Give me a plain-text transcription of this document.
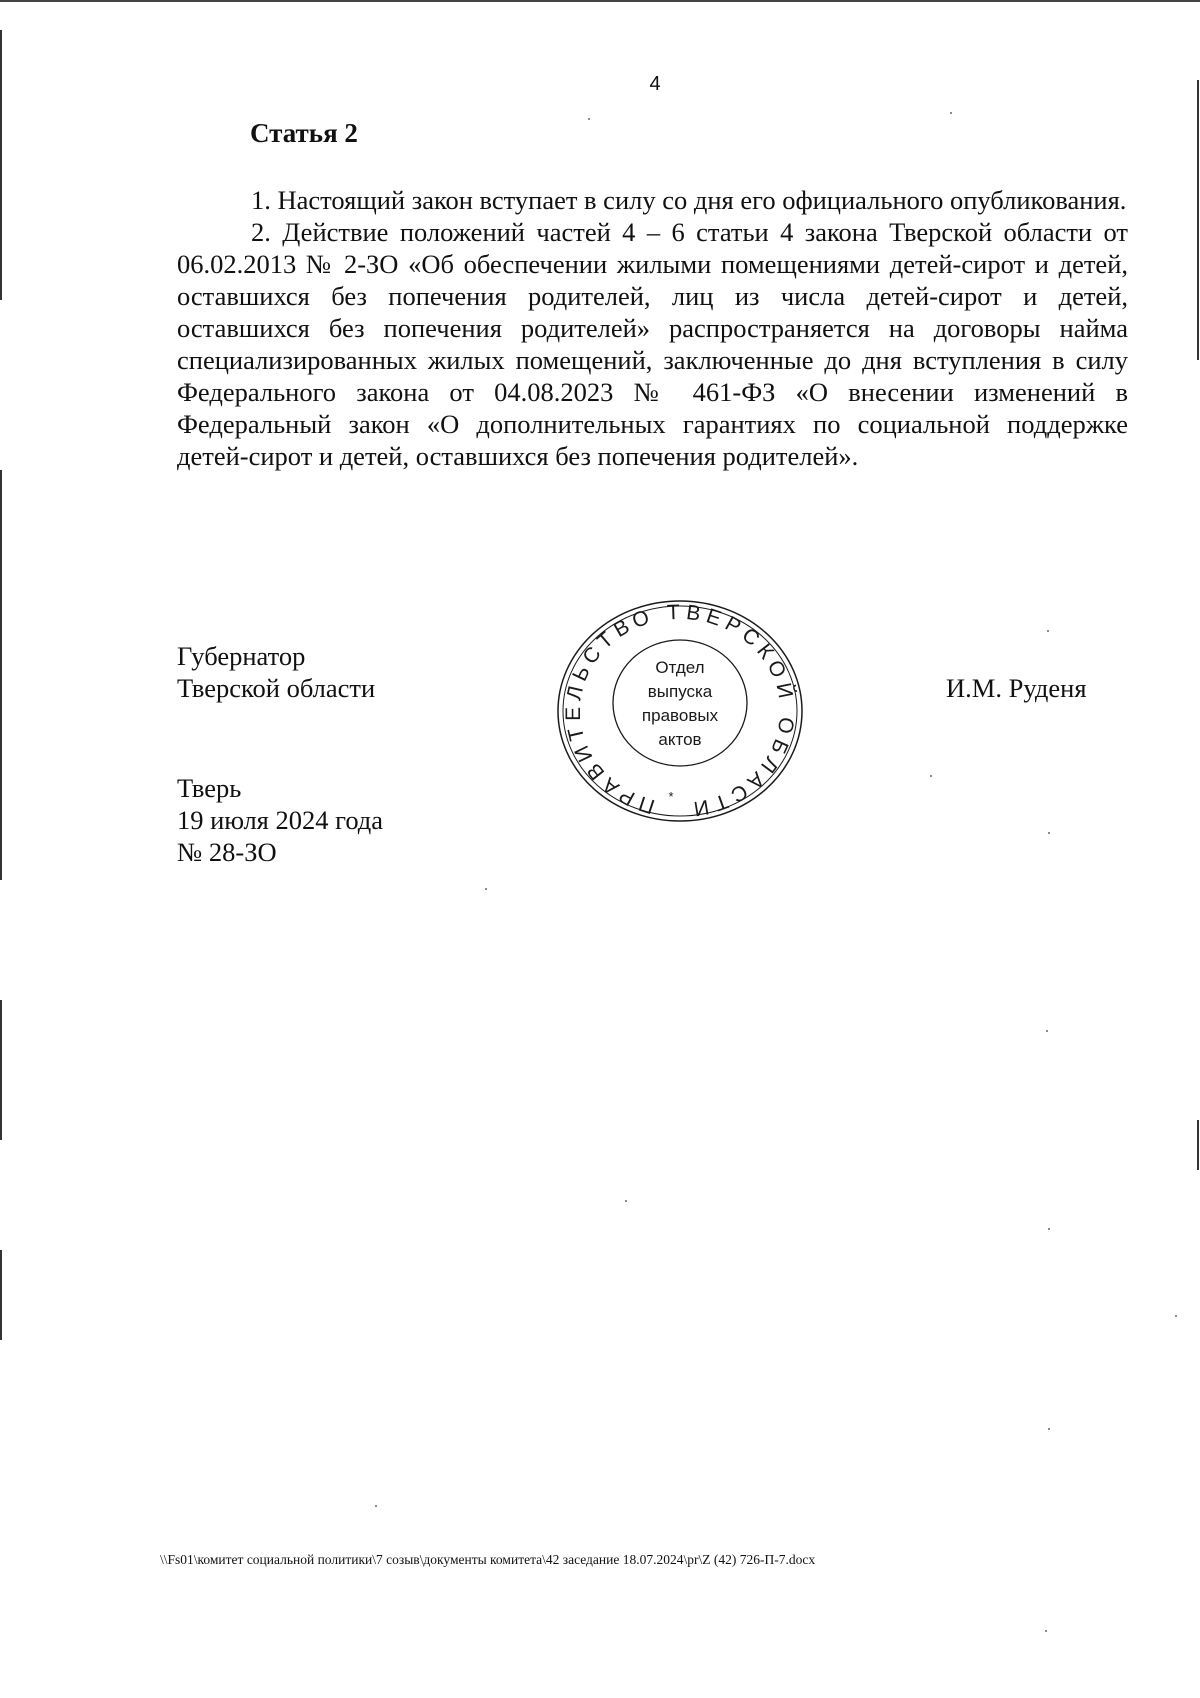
4
Статья 2

1. Настоящий закон вступает в силу со дня его официального опубликования.

2. Действие положений частей 4 – 6 статьи 4 закона Тверской области от 06.02.2013 № 2-ЗО «Об обеспечении жилыми помещениями детей-сирот и детей, оставшихся без попечения родителей, лиц из числа детей-сирот и детей, оставшихся без попечения родителей» распространяется на договоры найма специализированных жилых помещений, заключенные до дня вступления в силу Федерального закона от 04.08.2023 № 461-ФЗ «О внесении изменений в Федеральный закон «О дополнительных гарантиях по социальной поддержке детей-сирот и детей, оставшихся без попечения родителей».

Губернатор
Тверской области	И.М. Руденя
Тверь
19 июля 2024 года
№ 28-ЗО
ПРАВИТЕЛЬСТВО ТВЕРСКОЙ ОБЛАСТИ
Отдел
выпуска
правовых
актов
*
\\Fs01\комитет социальной политики\7 созыв\документы комитета\42 заседание 18.07.2024\pr\Z (42) 726-П-7.docx
